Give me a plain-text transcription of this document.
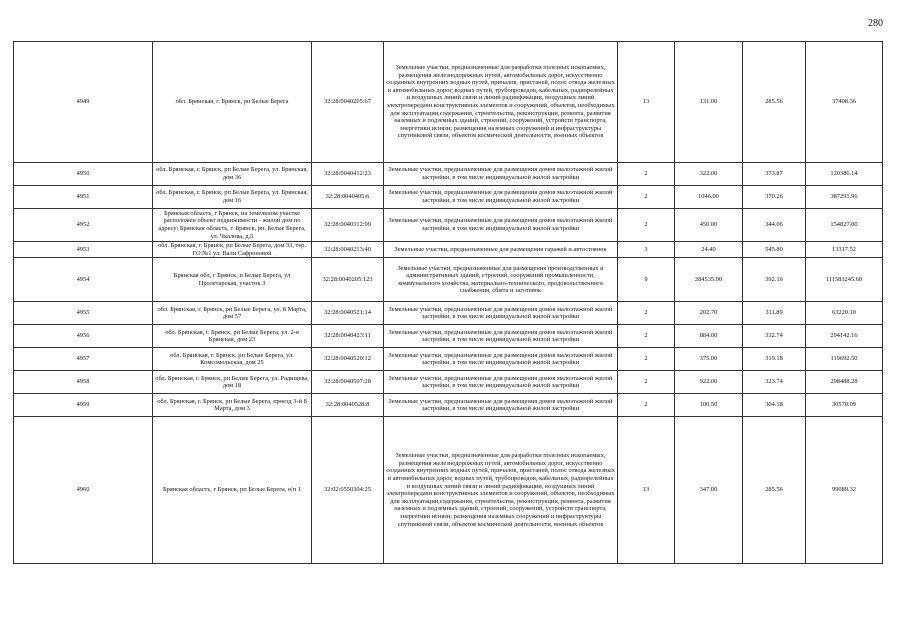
280
4949	обл. Брянская, г. Брянск, рп Белые Берега	32:28:0040205:67	Земельные участки, предназначенные для разработки полезных ископаемых, размещения железнодорожных путей, автомобильных дорог, искусственно созданных внутренних водных путей, причалов, пристаней, полос отвода железных и автомобильных дорог, водных путей, трубопроводов, кабельных, радиорелейных и воздушных линий связи и линий радиофикации, воздушных линий электропередачи конструктивных элементов и сооружений, объектов, необходимых для эксплуатации,содержания, строительства, реконструкции, ремонта, развития наземных и подземных зданий, строений, сооружений, устройств транспорта, энергетики иснязи; размещения наземных сооружений и инфраструктуры спутниковой связи, объектов космической деятельности, военных объектов	13	131.00	285.56	37408.36
4950	обл. Брянская, г. Брянск, рп Белые Берега, ул. Брянская, дом 36	32:28:0040412:23	Земельные участки, предназначенные для размещения домов малоэтажной жилой застройки, в том числе индивидуальной жилой застройки	2	322.00	373.87	120386.14
4951	обл. Брянская, г. Брянск, рп Белые Берега, ул. Брянская, дом 16	32:28:0040405:6	Земельные участки, предназначенные для размещения домов малоэтажной жилой застройки, в том числе индивидуальной жилой застройки	2	1046.00	370.26	387291.96
4952	Брянская область, г Брянск, на земельном участке расположен объект недвижимости - жилой дом по адресу: Брянская область, г. Брянск, рп. Белые Берега, ул. Чкалова, д.5	32:28:0040312:99	Земельные участки, предназначенные для размещения домов малоэтажной жилой застройки, в том числе индивидуальной жилой застройки	2	450.00	344.06	154827.00
4953	обл. Брянская, г. Брянск, рп Белые Берега, дом 33, тер. ГО №1 ул. Вали Сафроновой	32:28:0040213:40	Земельные участки, предназначенные для размещения гаражей и автостоянок	3	24.40	545.80	13317.52
4954	Брянская обл, г Брянск, п Белые Берега, ул Пролетарская, участок 3	32:28:0040205:123	Земельные участки, предназначенные для размещения производственных и административных зданий, строений, сооружений промышленности, коммунального хозяйства, материально-технического, продовольственного снабжения, сбыта и заготовок	9	284535.00	392.16	111583245.60
4955	обл. Брянская, г. Брянск, рп Белые Берега, ул. 8 Марта, дом 57	32:28:0040521:14	Земельные участки, предназначенные для размещения домов малоэтажной жилой застройки, в том числе индивидуальной жилой застройки	2	202.70	311.89	63220.10
4956	обл. Брянская, г. Брянск, рп Белые Берега, ул. 2-я Брянская, дом 23	32:28:0040423:11	Земельные участки, предназначенные для размещения домов малоэтажной жилой застройки, в том числе индивидуальной жилой застройки	2	884.00	332.74	294142.16
4957	обл. Брянская, г. Брянск, рп Белые Берега, ул. Комсомольская, дом 25	32:28:0040520:12	Земельные участки, предназначенные для размещения домов малоэтажной жилой застройки, в том числе индивидуальной жилой застройки	2	375.00	319.18	119692.50
4958	обл. Брянская, г. Брянск, рп Белые Берега, ул. Радищева, дом 18	32:28:0040507:28	Земельные участки, предназначенные для размещения домов малоэтажной жилой застройки, в том числе индивидуальной жилой застройки	2	922.00	323.74	298488.28
4959	обл. Брянская, г. Брянск, рп Белые Берега, проезд 3-й 8 Марта, дом 3	32:28:0040528:8	Земельные участки, предназначенные для размещения домов малоэтажной жилой застройки, в том числе индивидуальной жилой застройки	2	100.50	304.18	30570.09
4960	Брянская область, г Брянск, рп Белые Берега, о/п 1	32:02:0550304:25	Земельные участки, предназначенные для разработки полезных ископаемых, размещения железнодорожных путей, автомобильных дорог, искусственно созданных внутренних водных путей, причалов, пристаней, полос отвода железных и автомобильных дорог, водных путей, трубопроводов, кабельных, радиорелейных и воздушных линий связи и линий радиофикации, воздушных линий электропередачи конструктивных элементов и сооружений, объектов, необходимых для эксплуатации,содержания, строительства, реконструкции, ремонта, развития наземных и подземных зданий, строений, сооружений, устройств транспорта, энергетики иснязи; размещения наземных сооружений и инфраструктуры спутниковой связи, объектов космической деятельности, военных объектов	13	347.00	285.56	99089.32
